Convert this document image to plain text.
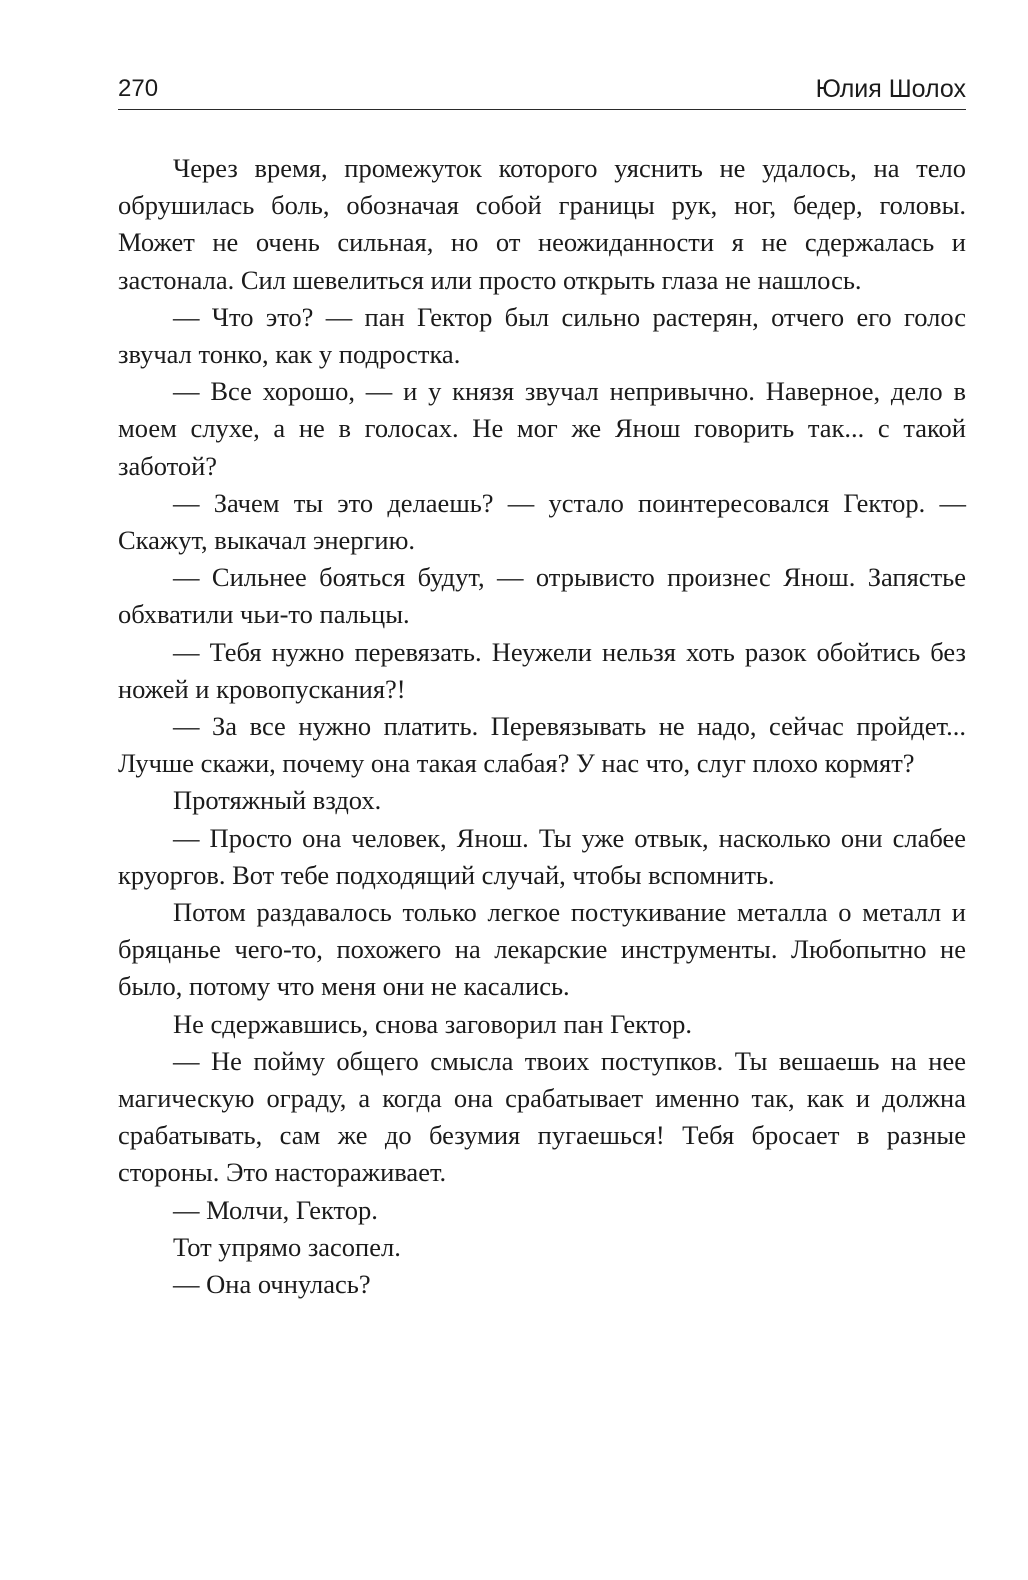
270	Юлия Шолох

Через время, промежуток которого уяснить не удалось, на тело обрушилась боль, обозначая собой границы рук, ног, бедер, головы. Может не очень сильная, но от неожиданности я не сдержалась и застонала. Сил шевелиться или просто открыть глаза не нашлось.

— Что это? — пан Гектор был сильно растерян, отчего его голос звучал тонко, как у подростка.

— Все хорошо, — и у князя звучал непривычно. Наверное, дело в моем слухе, а не в голосах. Не мог же Янош говорить так... с такой заботой?

— Зачем ты это делаешь? — устало поинтересовался Гектор. — Скажут, выкачал энергию.

— Сильнее бояться будут, — отрывисто произнес Янош. Запястье обхватили чьи-то пальцы.

— Тебя нужно перевязать. Неужели нельзя хоть разок обойтись без ножей и кровопускания?!

— За все нужно платить. Перевязывать не надо, сейчас пройдет... Лучше скажи, почему она такая слабая? У нас что, слуг плохо кормят?

Протяжный вздох.

— Просто она человек, Янош. Ты уже отвык, насколько они слабее круоргов. Вот тебе подходящий случай, чтобы вспомнить.

Потом раздавалось только легкое постукивание металла о металл и бряцанье чего-то, похожего на лекарские инструменты. Любопытно не было, потому что меня они не касались.

Не сдержавшись, снова заговорил пан Гектор.

— Не пойму общего смысла твоих поступков. Ты вешаешь на нее магическую ограду, а когда она срабатывает именно так, как и должна срабатывать, сам же до безумия пугаешься! Тебя бросает в разные стороны. Это настораживает.

— Молчи, Гектор.

Тот упрямо засопел.

— Она очнулась?
